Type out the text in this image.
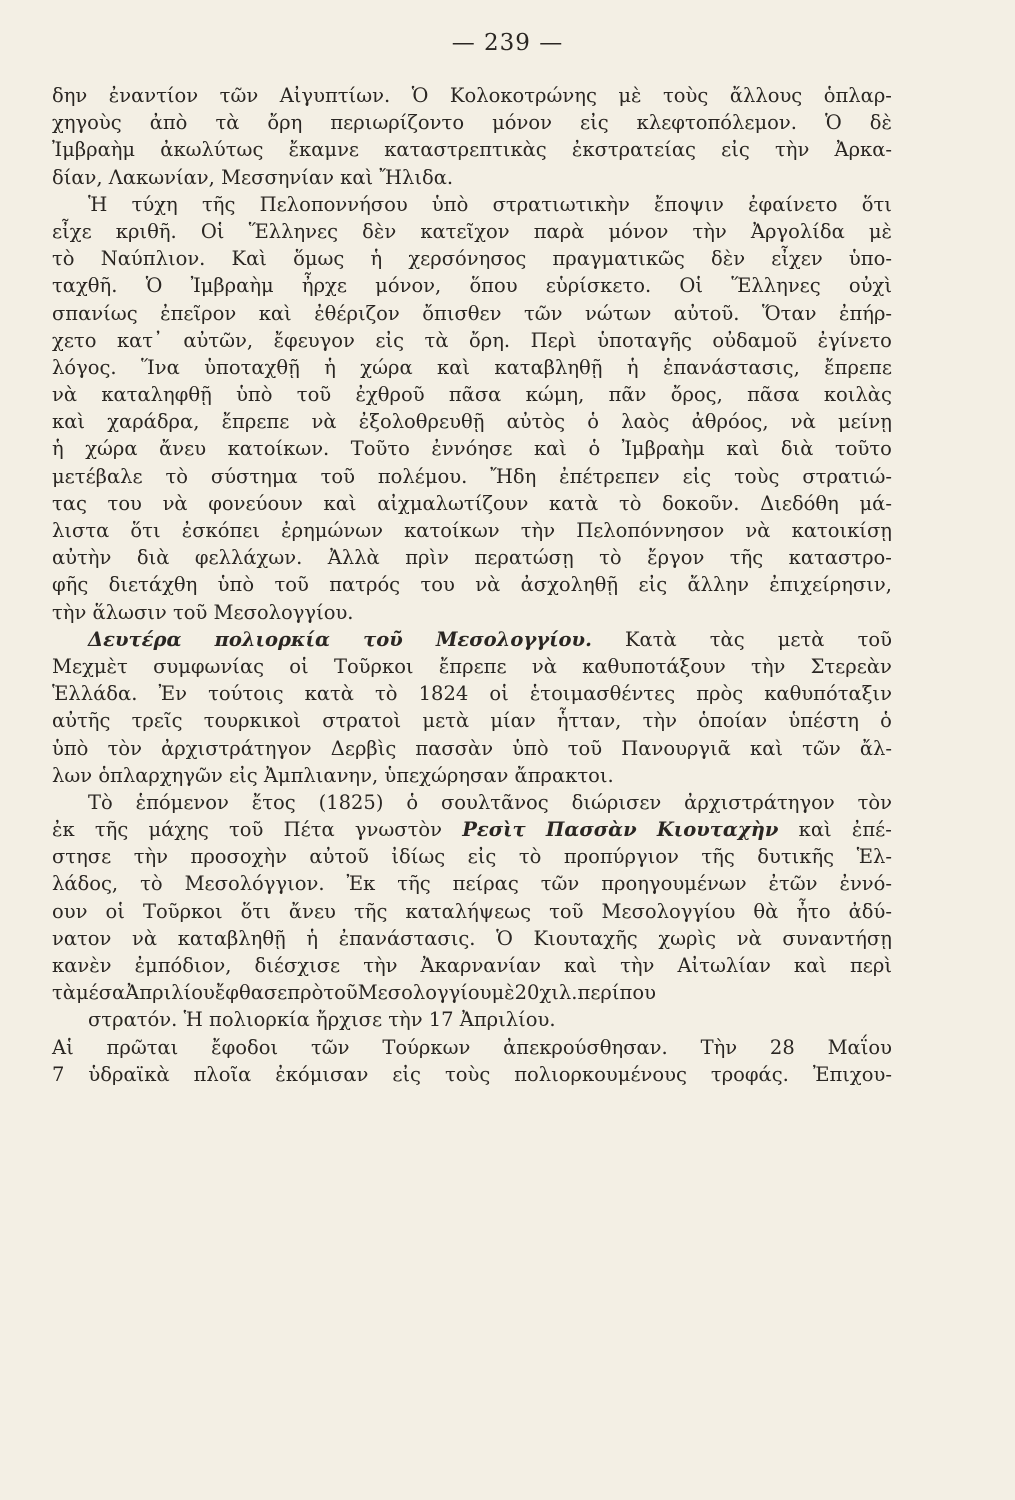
— 239 —
δην ἐναντίον τῶν Αἰγυπτίων. Ὁ Κολοκοτρώνης μὲ τοὺς ἄλλους ὁπλαρ-
χηγοὺς ἀπὸ τὰ ὄρη περιωρίζοντο μόνον εἰς κλεφτοπόλεμον. Ὁ δὲ
Ἰμβραὴμ ἀκωλύτως ἔκαμνε καταστρεπτικὰς ἐκστρατείας εἰς τὴν Ἀρκα-
δίαν, Λακωνίαν, Μεσσηνίαν καὶ Ἤλιδα.
Ἡ τύχη τῆς Πελοποννήσου ὑπὸ στρατιωτικὴν ἔποψιν ἐφαίνετο ὅτι
εἶχε κριθῆ. Οἱ Ἕλληνες δὲν κατεῖχον παρὰ μόνον τὴν Ἀργολίδα μὲ
τὸ Ναύπλιον. Καὶ ὅμως ἡ χερσόνησος πραγματικῶς δὲν εἶχεν ὑπο-
ταχθῆ. Ὁ Ἰμβραὴμ ἦρχε μόνον, ὅπου εὑρίσκετο. Οἱ Ἕλληνες οὐχὶ
σπανίως ἐπεῖρον καὶ ἐθέριζον ὄπισθεν τῶν νώτων αὐτοῦ. Ὅταν ἐπήρ-
χετο κατ᾽ αὐτῶν, ἔφευγον εἰς τὰ ὄρη. Περὶ ὑποταγῆς οὐδαμοῦ ἐγίνετο
λόγος. Ἵνα ὑποταχθῇ ἡ χώρα καὶ καταβληθῇ ἡ ἐπανάστασις, ἔπρεπε
νὰ καταληφθῇ ὑπὸ τοῦ ἐχθροῦ πᾶσα κώμη, πᾶν ὄρος, πᾶσα κοιλὰς
καὶ χαράδρα, ἔπρεπε νὰ ἐξολοθρευθῇ αὐτὸς ὁ λαὸς ἀθρόος, νὰ μείνῃ
ἡ χώρα ἄνευ κατοίκων. Τοῦτο ἐννόησε καὶ ὁ Ἰμβραὴμ καὶ διὰ τοῦτο
μετέβαλε τὸ σύστημα τοῦ πολέμου. Ἤδη ἐπέτρεπεν εἰς τοὺς στρατιώ-
τας του νὰ φονεύουν καὶ αἰχμαλωτίζουν κατὰ τὸ δοκοῦν. Διεδόθη μά-
λιστα ὅτι ἐσκόπει ἐρημώνων κατοίκων τὴν Πελοπόννησον νὰ κατοικίσῃ
αὐτὴν διὰ φελλάχων. Ἀλλὰ πρὶν περατώσῃ τὸ ἔργον τῆς καταστρο-
φῆς διετάχθη ὑπὸ τοῦ πατρός του νὰ ἀσχοληθῇ εἰς ἄλλην ἐπιχείρησιν,
τὴν ἅλωσιν τοῦ Μεσολογγίου.
Δευτέρα πολιορκία τοῦ Μεσολογγίου. Κατὰ τὰς μετὰ τοῦ
Μεχμὲτ συμφωνίας οἱ Τοῦρκοι ἔπρεπε νὰ καθυποτάξουν τὴν Στερεὰν
Ἑλλάδα. Ἐν τούτοις κατὰ τὸ 1824 οἱ ἑτοιμασθέντες πρὸς καθυπόταξιν
αὐτῆς τρεῖς τουρκικοὶ στρατοὶ μετὰ μίαν ἧτταν, τὴν ὁποίαν ὑπέστη ὁ
ὑπὸ τὸν ἀρχιστράτηγον Δερβὶς πασσὰν ὑπὸ τοῦ Πανουργιᾶ καὶ τῶν ἄλ-
λων ὁπλαρχηγῶν εἰς Ἀμπλιανην, ὑπεχώρησαν ἄπρακτοι.
Τὸ ἑπόμενον ἔτος (1825) ὁ σουλτᾶνος διώρισεν ἀρχιστράτηγον τὸν
ἐκ τῆς μάχης τοῦ Πέτα γνωστὸν Ρεσὶτ Πασσὰν Κιουταχὴν καὶ ἐπέ-
στησε τὴν προσοχὴν αὐτοῦ ἰδίως εἰς τὸ προπύργιον τῆς δυτικῆς Ἑλ-
λάδος, τὸ Μεσολόγγιον. Ἐκ τῆς πείρας τῶν προηγουμένων ἐτῶν ἐννό-
ουν οἱ Τοῦρκοι ὅτι ἄνευ τῆς καταλήψεως τοῦ Μεσολογγίου θὰ ἦτο ἀδύ-
νατον νὰ καταβληθῇ ἡ ἐπανάστασις. Ὁ Κιουταχῆς χωρὶς νὰ συναντήσῃ
κανὲν ἐμπόδιον, διέσχισε τὴν Ἀκαρνανίαν καὶ τὴν Αἰτωλίαν καὶ περὶ
τὰ μέσα Ἀπριλίου ἔφθασε πρὸ τοῦ Μεσολογγίου μὲ 20 χιλ. περίπου
στρατόν. Ἡ πολιορκία ἤρχισε τὴν 17 Ἀπριλίου.
Αἱ πρῶται ἔφοδοι τῶν Τούρκων ἀπεκρούσθησαν. Τὴν 28 Μαΐου
7 ὑδραϊκὰ πλοῖα ἐκόμισαν εἰς τοὺς πολιορκουμένους τροφάς. Ἐπιχου-
